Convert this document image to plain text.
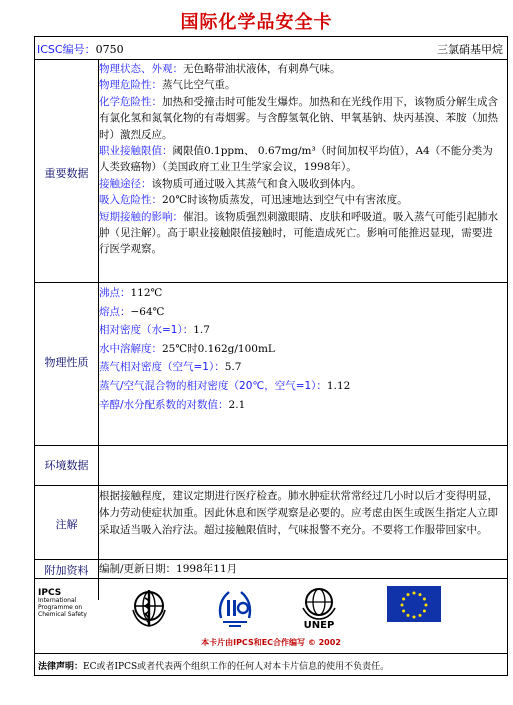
国际化学品安全卡
ICSC编号：0750	三氯硝基甲烷
重要数据

物理状态、外观：无色略带油状液体，有刺鼻气味。

物理危险性：蒸气比空气重。

化学危险性：加热和受撞击时可能发生爆炸。加热和在光线作用下，该物质分解生成含有氯化氢和氮氧化物的有毒烟雾。与含醇氢氧化钠、甲氧基钠、炔丙基溴、苯胺（加热时）激烈反应。

职业接触限值：阈限值0.1ppm、 0.67mg/m³（时间加权平均值），A4（不能分类为人类致癌物）（美国政府工业卫生学家会议，1998年）。

接触途径：该物质可通过吸入其蒸气和食入吸收到体内。

吸入危险性：20℃时该物质蒸发，可迅速地达到空气中有害浓度。

短期接触的影响：催泪。该物质强烈刺激眼睛、皮肤和呼吸道。吸入蒸气可能引起肺水肿（见注解）。高于职业接触限值接触时，可能造成死亡。影响可能推迟显现，需要进行医学观察。

物理性质

沸点：112℃

熔点：−64℃

相对密度（水=1）：1.7

水中溶解度：25℃时0.162g/100mL

蒸气相对密度（空气=1）：5.7

蒸气/空气混合物的相对密度（20℃，空气=1）：1.12

辛醇/水分配系数的对数值：2.1

环境数据
注解
根据接触程度，建议定期进行医疗检查。肺水肿症状常常经过几小时以后才变得明显，体力劳动使症状加重。因此休息和医学观察是必要的。应考虑由医生或医生指定人立即采取适当吸入治疗法。超过接触限值时，气味报警不充分。不要将工作服带回家中。
附加资料	编制/更新日期：1998年11月
IPCS
International
Programme on
Chemical Safety
UNEP
本卡片由IPCS和EC合作编写 © 2002
法律声明：EC或者IPCS或者代表两个组织工作的任何人对本卡片信息的使用不负责任。
